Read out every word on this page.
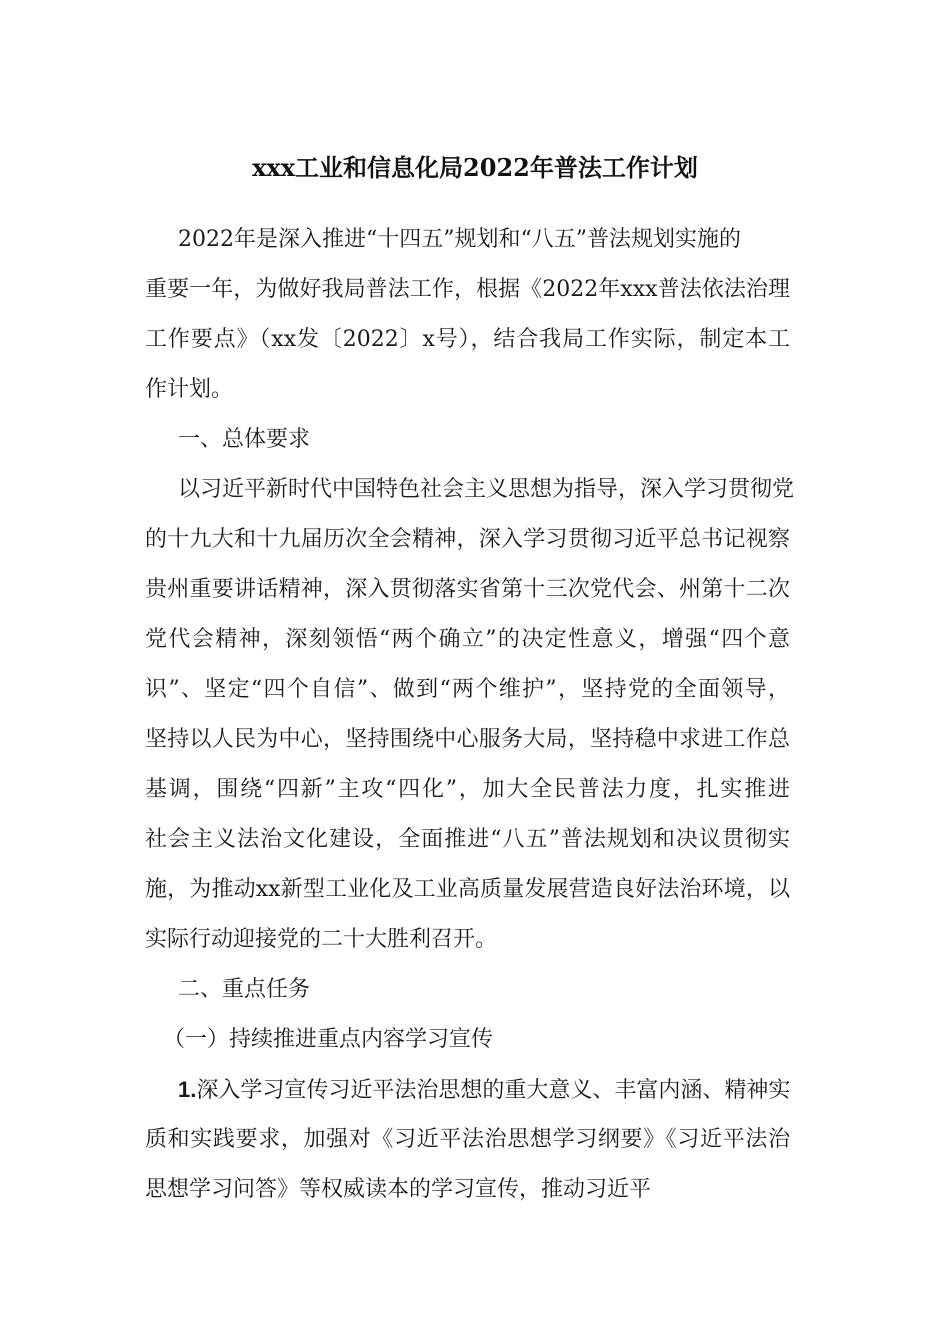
xxx工业和信息化局2022年普法工作计划
2022年是深入推进“十四五”规划和“八五”普法规划实施的
重要一年，为做好我局普法工作，根据《2022年xxx普法依法治理
工作要点》（xx发〔2022〕x号），结合我局工作实际，制定本工
作计划。
一、总体要求
以习近平新时代中国特色社会主义思想为指导，深入学习贯彻党
的十九大和十九届历次全会精神，深入学习贯彻习近平总书记视察
贵州重要讲话精神，深入贯彻落实省第十三次党代会、州第十二次
党代会精神，深刻领悟“两个确立”的决定性意义，增强“四个意
识”、坚定“四个自信”、做到“两个维护”，坚持党的全面领导，
坚持以人民为中心，坚持围绕中心服务大局，坚持稳中求进工作总
基调，围绕“四新”主攻“四化”，加大全民普法力度，扎实推进
社会主义法治文化建设，全面推进“八五”普法规划和决议贯彻实
施，为推动xx新型工业化及工业高质量发展营造良好法治环境，以
实际行动迎接党的二十大胜利召开。
二、重点任务
（一）持续推进重点内容学习宣传
1.深入学习宣传习近平法治思想的重大意义、丰富内涵、精神实
质和实践要求，加强对《习近平法治思想学习纲要》《习近平法治
思想学习问答》等权威读本的学习宣传，推动习近平
